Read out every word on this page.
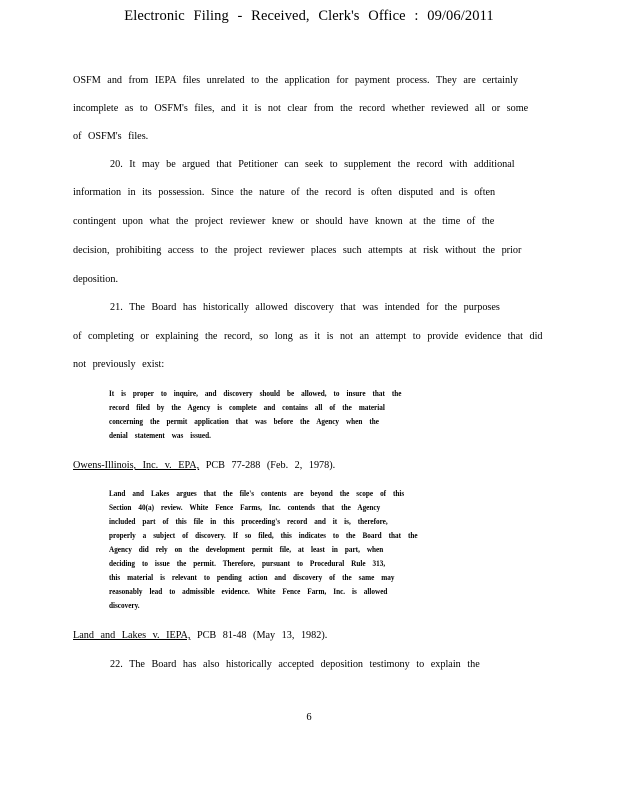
Electronic Filing - Received, Clerk's Office : 09/06/2011
OSFM and from IEPA files unrelated to the application for payment process. They are certainly
incomplete as to OSFM's files, and it is not clear from the record whether reviewed all or some
of OSFM's files.
20. It may be argued that Petitioner can seek to supplement the record with additional
information in its possession. Since the nature of the record is often disputed and is often
contingent upon what the project reviewer knew or should have known at the time of the
decision, prohibiting access to the project reviewer places such attempts at risk without the prior
deposition.
21. The Board has historically allowed discovery that was intended for the purposes
of completing or explaining the record, so long as it is not an attempt to provide evidence that did
not previously exist:
It is proper to inquire, and discovery should be allowed, to insure that the
record filed by the Agency is complete and contains all of the material
concerning the permit application that was before the Agency when the
denial statement was issued.
Owens-Illinois, Inc. v. EPA, PCB 77-288 (Feb. 2, 1978).
Land and Lakes argues that the file's contents are beyond the scope of this
Section 40(a) review. White Fence Farms, Inc. contends that the Agency
included part of this file in this proceeding's record and it is, therefore,
properly a subject of discovery. If so filed, this indicates to the Board that the
Agency did rely on the development permit file, at least in part, when
deciding to issue the permit. Therefore, pursuant to Procedural Rule 313,
this material is relevant to pending action and discovery of the same may
reasonably lead to admissible evidence. White Fence Farm, Inc. is allowed
discovery.
Land and Lakes v. IEPA, PCB 81-48 (May 13, 1982).
22. The Board has also historically accepted deposition testimony to explain the
6
